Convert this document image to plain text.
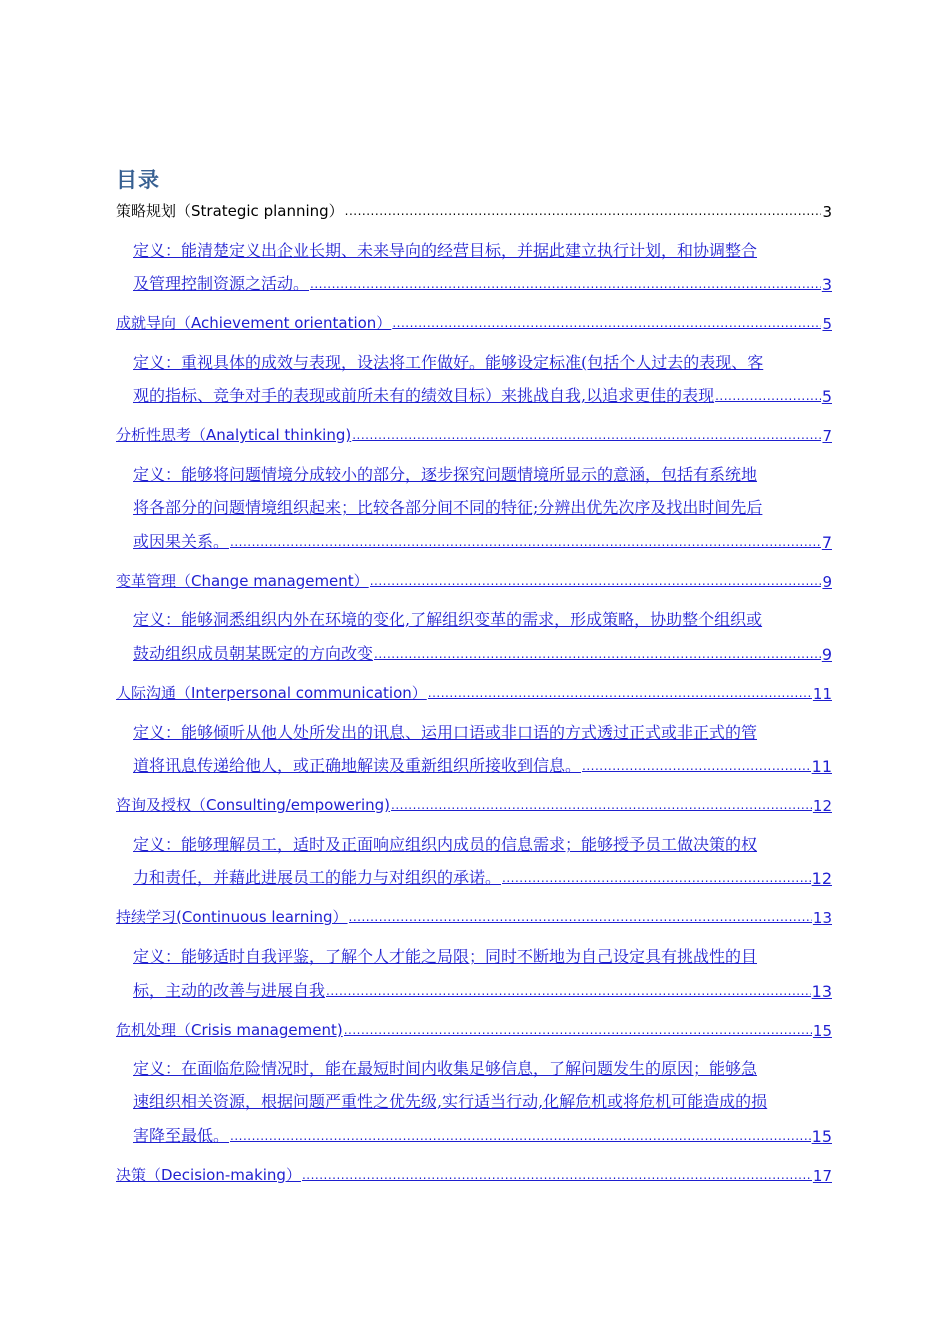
目录
策略规划（Strategic planning） .....	3
定义：能清楚定义出企业长期、未来导向的经营目标，并据此建立执行计划，和协调整合
及管理控制资源之活动。 .....	3
成就导向（Achievement orientation） .....	5
定义：重视具体的成效与表现，设法将工作做好。能够设定标准(包括个人过去的表现、客
观的指标、竞争对手的表现或前所未有的绩效目标）来挑战自我,以追求更佳的表现 .....	5
分析性思考（Analytical thinking) .....	7
定义：能够将问题情境分成较小的部分，逐步探究问题情境所显示的意涵，包括有系统地
将各部分的问题情境组织起来；比较各部分间不同的特征;分辨出优先次序及找出时间先后
或因果关系。 .....	7
变革管理（Change management） .....	9
定义：能够洞悉组织内外在环境的变化,了解组织变革的需求，形成策略，协助整个组织或
鼓动组织成员朝某既定的方向改变 .....	9
人际沟通（Interpersonal communication） .....	11
定义：能够倾听从他人处所发出的讯息、运用口语或非口语的方式透过正式或非正式的管
道将讯息传递给他人，或正确地解读及重新组织所接收到信息。 .....	11
咨询及授权（Consulting/empowering) .....	12
定义：能够理解员工，适时及正面响应组织内成员的信息需求；能够授予员工做决策的权
力和责任，并藉此进展员工的能力与对组织的承诺。 .....	12
持续学习(Continuous learning） .....	13
定义：能够适时自我评鉴，了解个人才能之局限；同时不断地为自己设定具有挑战性的目
标，主动的改善与进展自我 .....	13
危机处理（Crisis management) .....	15
定义：在面临危险情况时，能在最短时间内收集足够信息，了解问题发生的原因；能够急
速组织相关资源，根据问题严重性之优先级,实行适当行动,化解危机或将危机可能造成的损
害降至最低。 .....	15
决策（Decision-making） .....	17
